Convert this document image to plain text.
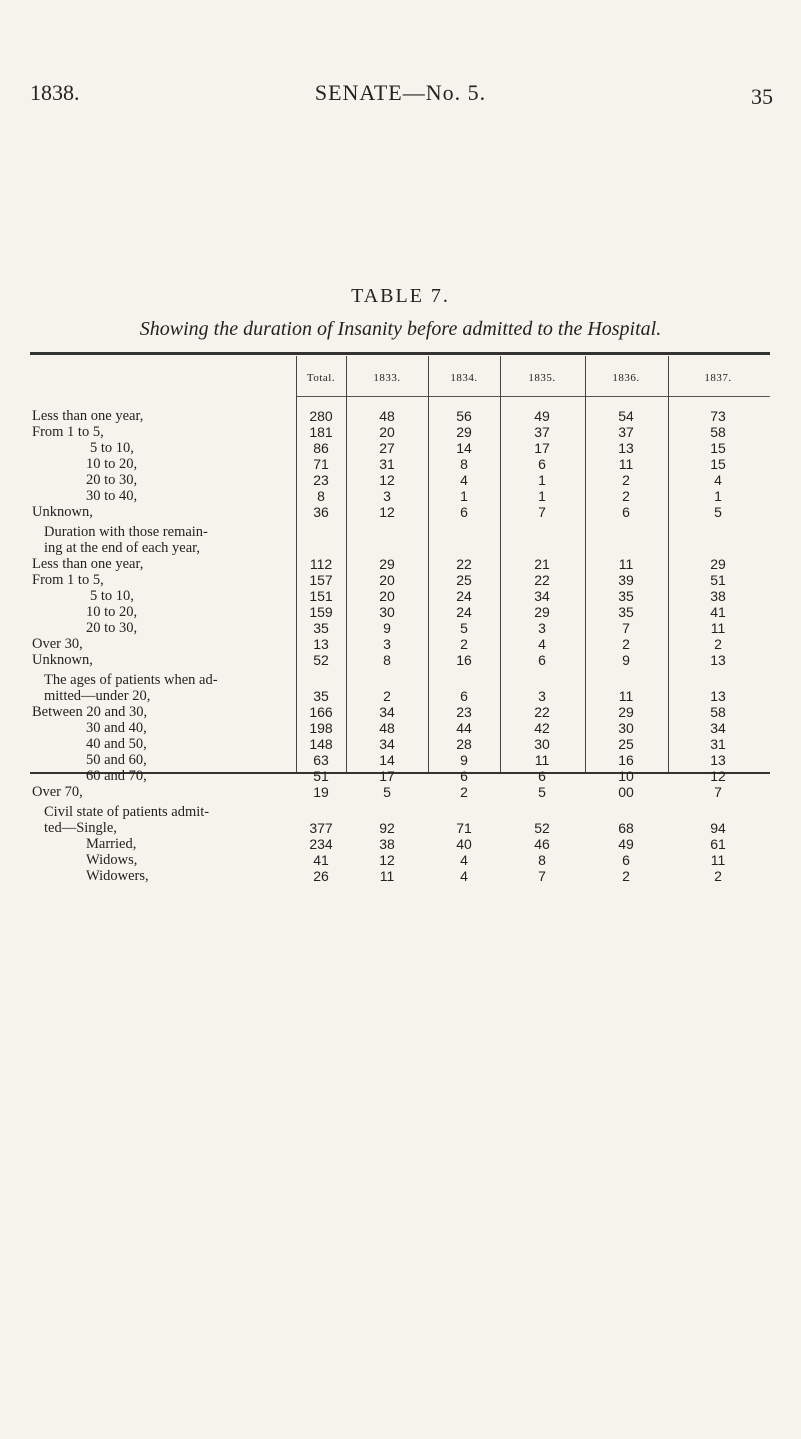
1838.	SENATE—No. 5.	35
TABLE 7.
Showing the duration of Insanity before admitted to the Hospital.
Total.	1833.	1834.	1835.	1836.	1837.
Less than one year,	280	48	56	49	54	73
From 1 to 5,	181	20	29	37	37	58
5 to 10,	86	27	14	17	13	15
10 to 20,	71	31	8	6	11	15
20 to 30,	23	12	4	1	2	4
30 to 40,	8	3	1	1	2	1
Unknown,	36	12	6	7	6	5
Duration with those remain-
ing at the end of each year,
Less than one year,	112	29	22	21	11	29
From 1 to 5,	157	20	25	22	39	51
5 to 10,	151	20	24	34	35	38
10 to 20,	159	30	24	29	35	41
20 to 30,	35	9	5	3	7	11
Over 30,	13	3	2	4	2	2
Unknown,	52	8	16	6	9	13
The ages of patients when ad-
mitted—under 20,	35	2	6	3	11	13
Between 20 and 30,	166	34	23	22	29	58
30 and 40,	198	48	44	42	30	34
40 and 50,	148	34	28	30	25	31
50 and 60,	63	14	9	11	16	13
60 and 70,	51	17	6	6	10	12
Over 70,	19	5	2	5	00	7
Civil state of patients admit-
ted—Single,	377	92	71	52	68	94
Married,	234	38	40	46	49	61
Widows,	41	12	4	8	6	11
Widowers,	26	11	4	7	2	2
